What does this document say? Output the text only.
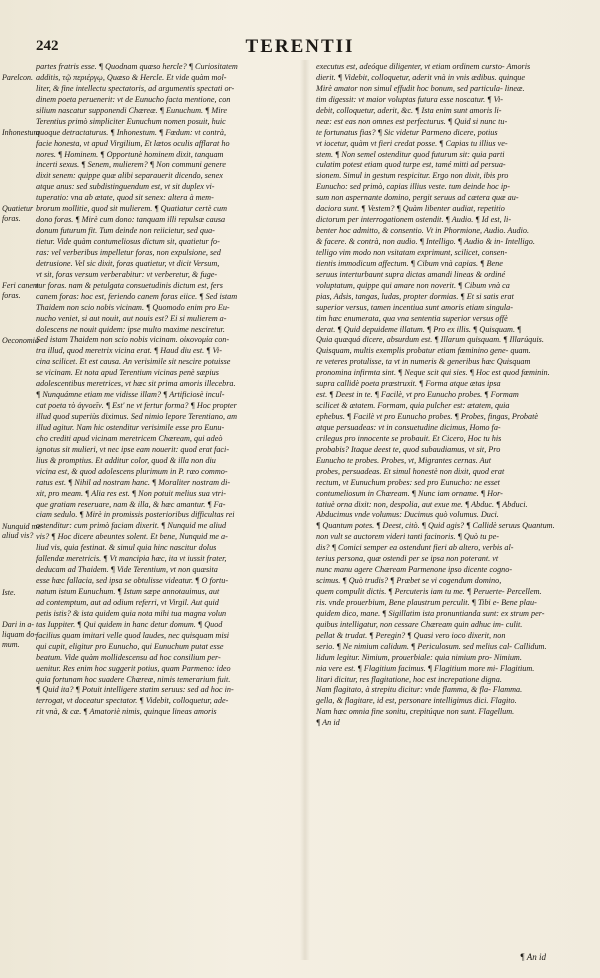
242	TERENTII
partes fratris esse. ¶ Quodnam quæso hercle? ¶ Curiositatem
additis, τῷ περιέργῳ, Quæso & Hercle. Et vide quàm mol-
liter, & fine intellectu spectatoris, ad argumentis spectati or-
dinem poeta peruenerit: vt de Eunucho facta mentione, con
silium nascatur supponendi Chæreæ. ¶ Eunuchum. ¶ Mire
Terentius primò simpliciter Eunuchum nomen posuit, huic
quoque detractaturus. ¶ Inhonestum. ¶ Fœdum: vt contrà,
facie honesta, vt apud Virgilium, Et lætos oculis afflarat ho
nores. ¶ Hominem. ¶ Opportunè hominem dixit, tanquam
incerti sexus. ¶ Senem, mulierem? ¶ Non communi genere
dixit senem: quippe quæ alibi separauerit dicendo, senex
atque anus: sed subdistinguendum est, vt sit duplex vi-
tuperatio: vna ab ætate, quod sit senex: altera à mem-
brorum mollitie, quod sit mulierem. ¶ Quatiatur certè cum
dono foras. ¶ Mirè cum dono: tanquam illi repulsæ causa
donum futurum fit. Tum deinde non reiicietur, sed qua-
tietur. Vide quàm contumeliosus dictum sit, quatietur fo-
ras: vel verberibus impelletur foras, non expulsione, sed
detrusione. Vel sic dixit, foras quatietur, vt dicit Versum,
vt sit, foras versum verberabitur: vt verberetur, & fuge-
tur foras. nam & petulgata consuetudinis dictum est, fers
canem foras: hoc est, feriendo canem foras eiice. ¶ Sed istam
Thaidem non scio nobis vicinam. ¶ Quomodo enim pro Eu-
nucho veniet, si aut nouit, aut nouis est? Ei si mulierem a-
dolescens ne nouit quidem: ipse multo maxime nesciretur.
Sed istam Thaidem non scio nobis vicinam. οἰκονομία con-
tra illud, quod meretrix vicina erat. ¶ Haud diu est. ¶ Vi-
cina scilicet. Et est causa. An verisimile sit nescire potuisse
se vicinam. Et nota apud Terentium vicinas penè sæpius
adolescentibus meretrices, vt hæc sit prima amoris illecebra.
¶ Nunquámne etiam me vidisse illam? ¶ Artificiosè incul-
cat poeta τὸ ἀγνοεῖν. ¶ Est' ne vt fertur forma? ¶ Hoc propter
illud quod superiùs diximus. Sed nimio lepore Terentiano, am
illud agitur. Nam hic ostenditur verisimile esse pro Eunu-
cho crediti apud vicinam meretricem Chæream, qui adeò
ignotus sit mulieri, vt nec ipse eam nouerit: quod erat faci-
lius & promptius. Et additur color, quod & illa non diu
vicina est, & quod adolescens plurimum in P. ræo commo-
ratus est. ¶ Nihil ad nostram hanc. ¶ Moraliter nostram di-
xit, pro meam. ¶ Alia res est. ¶ Non potuit melius sua vtri-
que gratiam reseruare, nam & illa, & hæc amantur. ¶ Fa-
ciam sedulo. ¶ Mirè in promissis posterioribus difficultas rei
ostenditur: cum primò faciam dixerit. ¶ Nunquid me aliud
vis? ¶ Hoc dicere abeuntes solent. Et bene, Nunquid me a-
liud vis, quia festinat. & simul quia hinc nascitur dolus
fallendæ meretricis. ¶ Vt mancipia hæc, ita vt iussit frater,
deducam ad Thaidem. ¶ Vide Terentium, vt non quæsita
esse hæc fallacia, sed ipsa se obtulisse videatur. ¶ O fortu-
natum istum Eunuchum. ¶ Istum sæpe annotauimus, aut
ad contemptum, aut ad odium referri, vt Virgil. Aut quid
petis istis? & ista quidem quia nota mihi tua magna volun
tas Iuppiter. ¶ Qui quidem in hanc detur domum. ¶ Quod
facilius quam imitari velle quod laudes, nec quisquam misi
qui cupit, eligitur pro Eunucho, qui Eunuchum putat esse
beatum. Vide quàm mollidescensu ad hoc consilium per-
uenitur. Res enim hoc suggerit potius, quam Parmeno: ideo
quia fortunam hoc suadere Chæreæ, nimis temerarium fuit.
¶ Quid ita? ¶ Potuit intelligere statim seruus: sed ad hoc in-
terrogat, vt doceatur spectator. ¶ Videbit, colloquetur, ade-
rit vnà, & cæ. ¶ Amatoriè nimis, quinque lineas amoris
executus est, adeóque diligenter, vt etiam ordinem cursto- Amoris
dierit. ¶ Videbit, colloquetur, aderit vnà in vnis ædibus. quinque
Mirè amator non simul effudit hoc bonum, sed particula- lineæ.
tim digessit: vt maior voluptas futura esse noscatur. ¶ Vi-
debit, colloquetur, aderit, &c. ¶ Ista enim sunt amoris li-
neæ: est eas non omnes est perfecturus. ¶ Quid si nunc tu-
te fortunatus fias? ¶ Sic videtur Parmeno dicere, potius
vt iocetur, quàm vt fieri credat posse. ¶ Capias tu illius ve-
stem. ¶ Non semel ostenditur quod futurum sit: quia parti
culatim potest etiam quod turpe est, tamé mitti ad persua-
sionem. Simul in gestum respicitur. Ergo non dixit, ibis pro
Eunucho: sed primò, capias illius veste. tum deinde hoc ip-
sum non aspernante domino, pergit seruus ad cætera quæ au-
daciora sunt. ¶ Vestem? ¶ Quàm libenter audiat, repetitio
dictorum per interrogationem ostendit. ¶ Audio. ¶ Id est, li-
benter hoc admitto, & consentio. Vt in Phormione, Audio. Audio.
& facere. & contrà, non audio. ¶ Intelligo. ¶ Audio & in- Intelligo.
telligo vim modo non vsitatam exprimunt, scilicet, consen-
tientis immodicum affectum. ¶ Cibum vnà capias. ¶ Bene
seruus interturbaunt supra dictas amandi lineas & ordiné
voluptatum, quippe qui amare non noverit. ¶ Cibum vnà ca
pias, Adsis, tangas, ludas, propter dormias. ¶ Et si satis erat
superior versus, tamen incentiua sunt amoris etiam singula-
tim hæc enumerata, qua vna sententia superior versus offè
derat. ¶ Quid depuideme illatum. ¶ Pro ex illis. ¶ Quisquam. ¶
Quia quæquá dicere, absurdum est. ¶ Illarum quisquam. ¶ Illarúquis.
Quisquam, multis exemplis probatur etiam fœminino gene- quam.
re veteres protulisse, ta vt in numeris & generibus hæc Quisquam
pronomina infirmta sint. ¶ Neque scit qui sies. ¶ Hoc est quod fœminin.
supra callidè poeta præstruxit. ¶ Forma atque ætas ipsa
est. ¶ Deest in te. ¶ Facilè, vt pro Eunucho probes. ¶ Formam
scilicet & ætatem. Formam, quia pulcher est: ætatem, quia
ephebus. ¶ Facilè vt pro Eunucho probes. ¶ Probes, fingas, Probatè
atque persuadeas: vt in consuetudine dicimus, Homo fa-
crilegus pro innocente se probauit. Et Cicero, Hoc tu his
probabis? Itaque deest te, quod subaudiamus, vt sit, Pro
Eunucho te probes. Probes, vt, Migrantes cernas. Aut
probes, persuadeas. Et simul honestè non dixit, quod erat
rectum, vt Eunuchum probes: sed pro Eunucho: ne esset
contumeliosum in Chæream. ¶ Nunc iam orname. ¶ Hor-
tatiuè orna dixit: non, despolia, aut exue me. ¶ Abduc. ¶ Abduci.
Abducimus vnde volumus: Ducimus quò volumus. Duci.
¶ Quantum potes. ¶ Deest, citò. ¶ Quid agis? ¶ Callidè seruus Quantum.
non vult se auctorem videri tanti facinoris. ¶ Quò tu pe-
dis? ¶ Comici semper ea ostendunt fieri ab altero, verbis al-
terius persona, quæ ostendi per se ipsa non poterant. vt
nunc manu agere Chæream Parmenone ipso dicente cogno-
scimus. ¶ Quò trudis? ¶ Præbet se vi cogendum domino,
quem compulit dictis. ¶ Percuteris iam tu me. ¶ Peruerte- Percellem.
ris. vnde prouerbium, Bene plaustrum perculit. ¶ Tibi e- Bene plau-
quidem dico, mane. ¶ Sigillatim ista pronuntianda sunt: ex strum per-
quibus intelligatur, non cessare Chæream quin adhuc im- culit.
pellat & trudat. ¶ Peregin? ¶ Quasi vero ioco dixerit, non
serio. ¶ Ne nimium calidum. ¶ Periculosum. sed melius cal- Callidum.
lidum legitur. Nimium, prouerbiale: quia nimium pro- Nimium.
nia vere est. ¶ Flagitium facimus. ¶ Flagitium more mi- Flagitium.
litari dicitur, res flagitatione, hoc est increpatione digna.
Nam flagitato, à strepitu dicitur: vnde flamma, & fla- Flamma.
gella, & flagitare, id est, personare intelligimus dici. Flagito.
Nam hæc omnia fine sonitu, crepitúque non sunt. Flagellum.
¶ An id
Parelcon.
Inhonestum
Quatietur foras.
Feri canem foras.
Oeconomia
Nunquid me aliud vis?
Iste.
Dari in a-liquam do-mum.
¶ An id
